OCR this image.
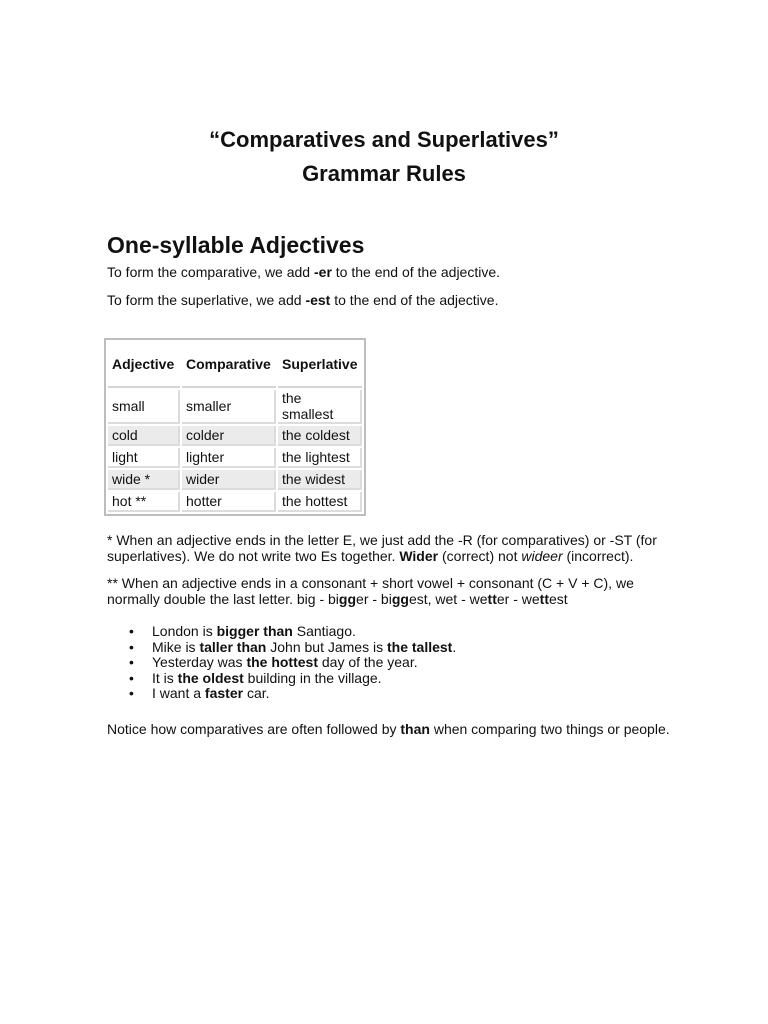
“Comparatives and Superlatives”
Grammar Rules
One-syllable Adjectives

To form the comparative, we add -er to the end of the adjective.

To form the superlative, we add -est to the end of the adjective.

Adjective	Comparative	Superlative
small	smaller	the smallest
cold	colder	the coldest
light	lighter	the lightest
wide *	wider	the widest
hot **	hotter	the hottest

* When an adjective ends in the letter E, we just add the -R (for comparatives) or -ST (for superlatives). We do not write two Es together. Wider (correct) not wideer (incorrect).

** When an adjective ends in a consonant + short vowel + consonant (C + V + C), we normally double the last letter. big - bigger - biggest, wet - wetter - wettest

• London is bigger than Santiago.
• Mike is taller than John but James is the tallest.
• Yesterday was the hottest day of the year.
• It is the oldest building in the village.
• I want a faster car.

Notice how comparatives are often followed by than when comparing two things or people.
